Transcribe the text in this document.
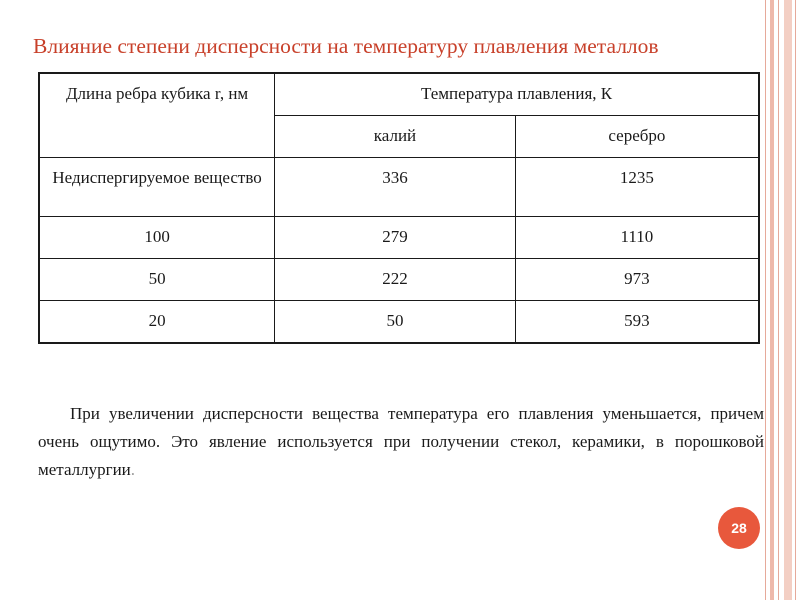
Влияние степени дисперсности на температуру плавления металлов
Длина ребра кубика r, нм	Температура плавления, К	
	калий	серебро
Недиспергируемое вещество	336	1235
100	279	1110
50	222	973
20	50	593

При увеличении дисперсности вещества температура его плавления уменьшается, причем очень ощутимо. Это явление используется при получении стекол, керамики, в порошковой металлургии.

28
